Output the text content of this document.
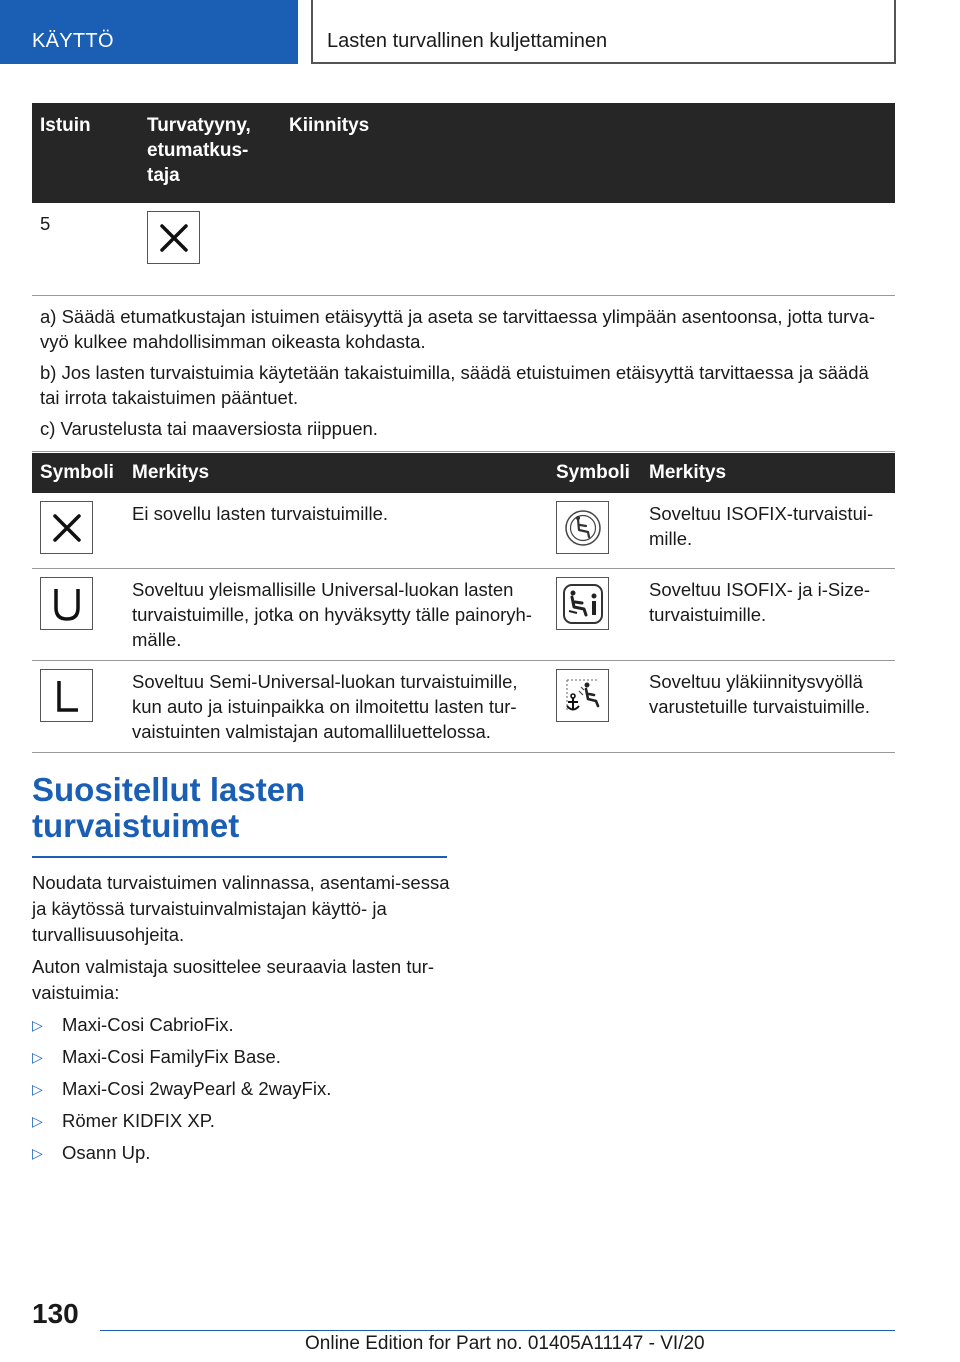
KÄYTTÖ	Lasten turvallinen kuljettaminen
Istuin	Turvatyyny, etumatkus-taja	Kiinnitys
5	

a) Säädä etumatkustajan istuimen etäisyyttä ja aseta se tarvittaessa ylimpään asentoonsa, jotta turva-vyö kulkee mahdollisimman oikeasta kohdasta.

b) Jos lasten turvaistuimia käytetään takaistuimilla, säädä etuistuimen etäisyyttä tarvittaessa ja säädä tai irrota takaistuimen pääntuet.

c) Varustelusta tai maaversiosta riippuen.		

Symboli	Merkitys	Symboli	Merkitys

	Ei sovellu lasten turvaistuimille.		Soveltuu ISOFIX-turvaistui-mille.

	Soveltuu yleismallisille Universal-luokan lasten turvaistuimille, jotka on hyväksytty tälle painoryh-mälle.		Soveltuu ISOFIX- ja i-Size-turvaistuimille.

	Soveltuu Semi-Universal-luokan turvaistuimille, kun auto ja istuinpaikka on ilmoitettu lasten tur-vaistuinten valmistajan automalliluettelossa.		Soveltuu yläkiinnitysvyöllä varustetuille turvaistuimille.
Suositellut lasten turvaistuimet

Noudata turvaistuimen valinnassa, asentami-sessa ja käytössä turvaistuinvalmistajan käyttö- ja turvallisuusohjeita.

Auton valmistaja suosittelee seuraavia lasten tur-vaistuimia:

▷ Maxi-Cosi CabrioFix.
▷ Maxi-Cosi FamilyFix Base.
▷ Maxi-Cosi 2wayPearl & 2wayFix.
▷ Römer KIDFIX XP.
▷ Osann Up.
130
Online Edition for Part no. 01405A11147 - VI/20
